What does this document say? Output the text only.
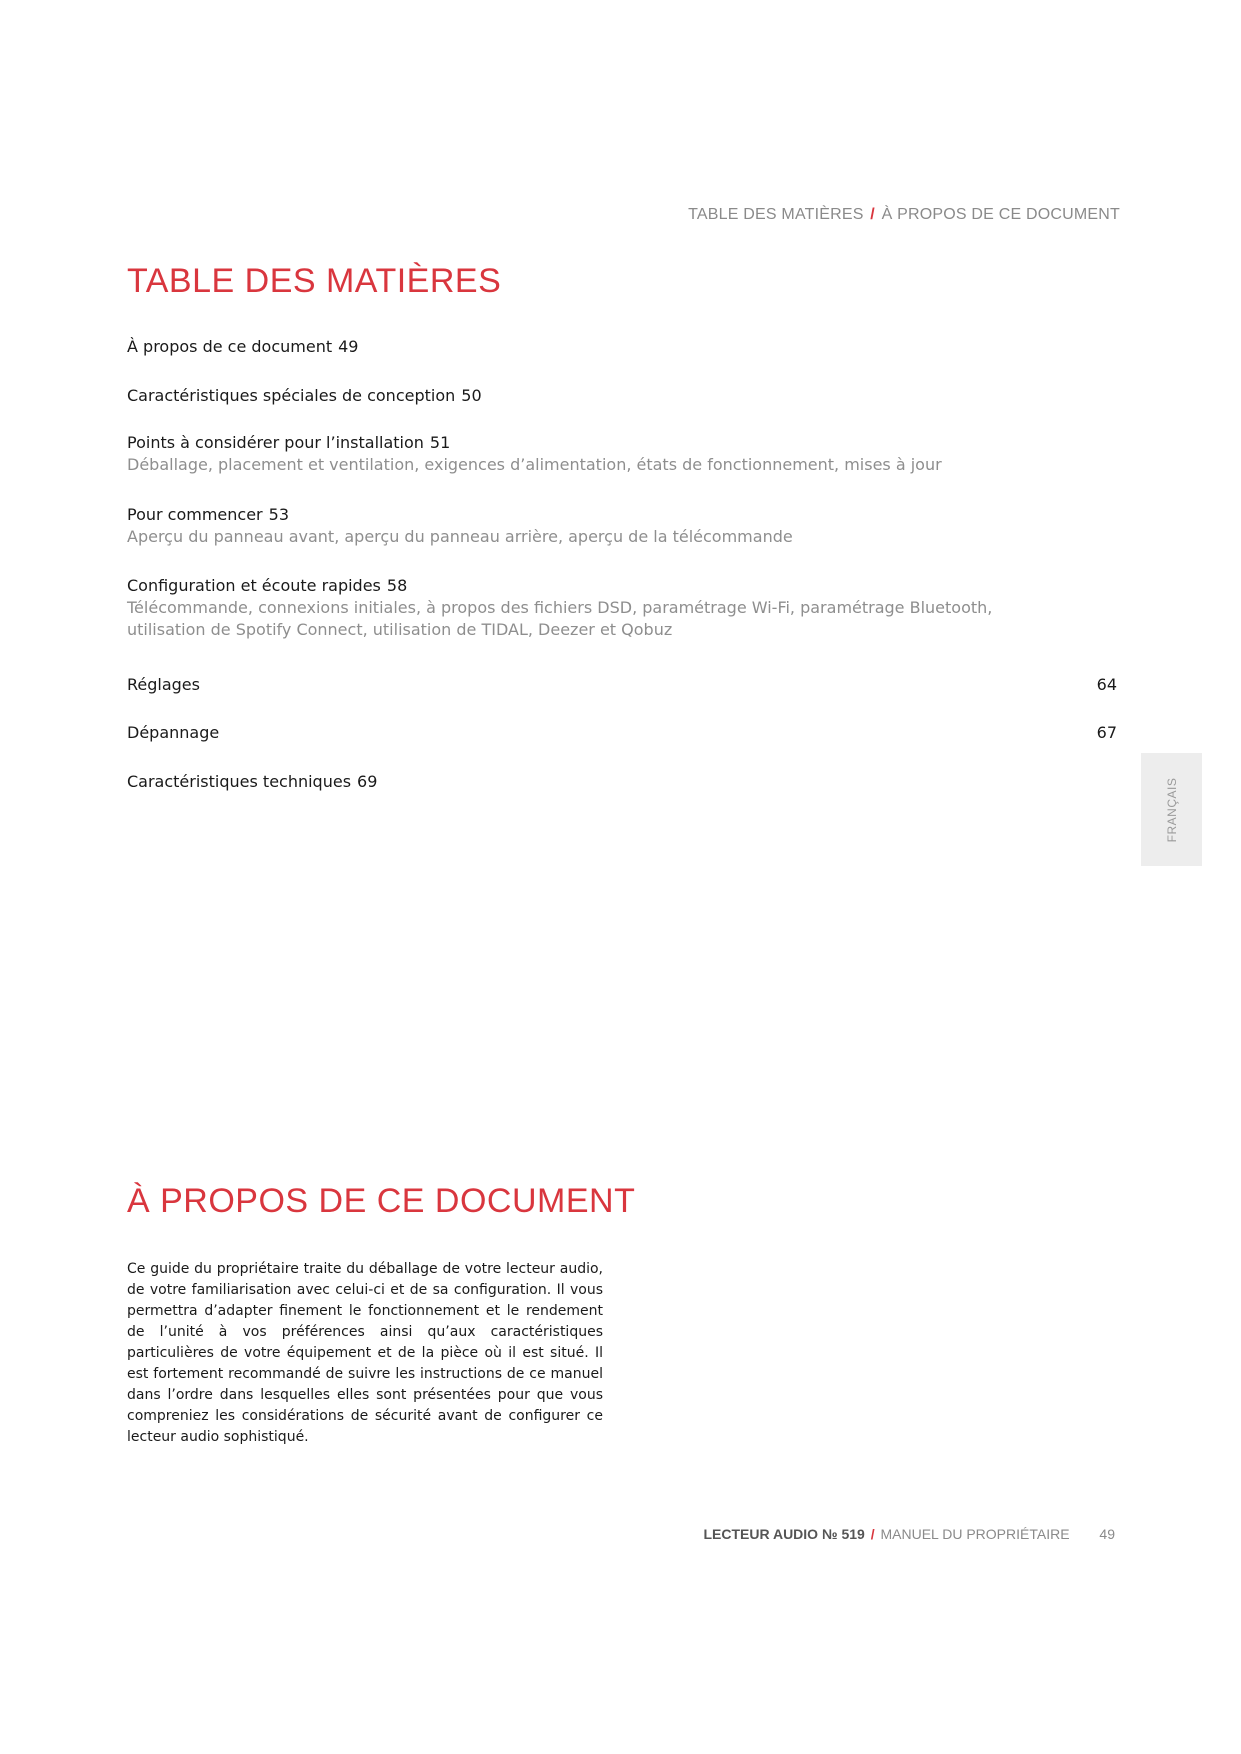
TABLE DES MATIÈRES / À PROPOS DE CE DOCUMENT
TABLE DES MATIÈRES
À propos de ce document 49
Caractéristiques spéciales de conception 50
Points à considérer pour l’installation 51
Déballage, placement et ventilation, exigences d’alimentation, états de fonctionnement, mises à jour
Pour commencer 53
Aperçu du panneau avant, aperçu du panneau arrière, aperçu de la télécommande
Configuration et écoute rapides 58
Télécommande, connexions initiales, à propos des fichiers DSD, paramétrage Wi-Fi, paramétrage Bluetooth,
utilisation de Spotify Connect, utilisation de TIDAL, Deezer et Qobuz
Réglages	64
Dépannage	67
Caractéristiques techniques 69	FRANÇAIS
À PROPOS DE CE DOCUMENT

Ce guide du propriétaire traite du déballage de votre lecteur audio, de votre familiarisation avec celui-ci et de sa configuration. Il vous permettra d’adapter finement le fonctionnement et le rendement de l’unité à vos préférences ainsi qu’aux caractéristiques particulières de votre équipement et de la pièce où il est situé. Il est fortement recommandé de suivre les instructions de ce manuel dans l’ordre dans lesquelles elles sont présentées pour que vous compreniez les considérations de sécurité avant de configurer ce lecteur audio sophistiqué.

LECTEUR AUDIO № 519 / MANUEL DU PROPRIÉTAIRE 49
